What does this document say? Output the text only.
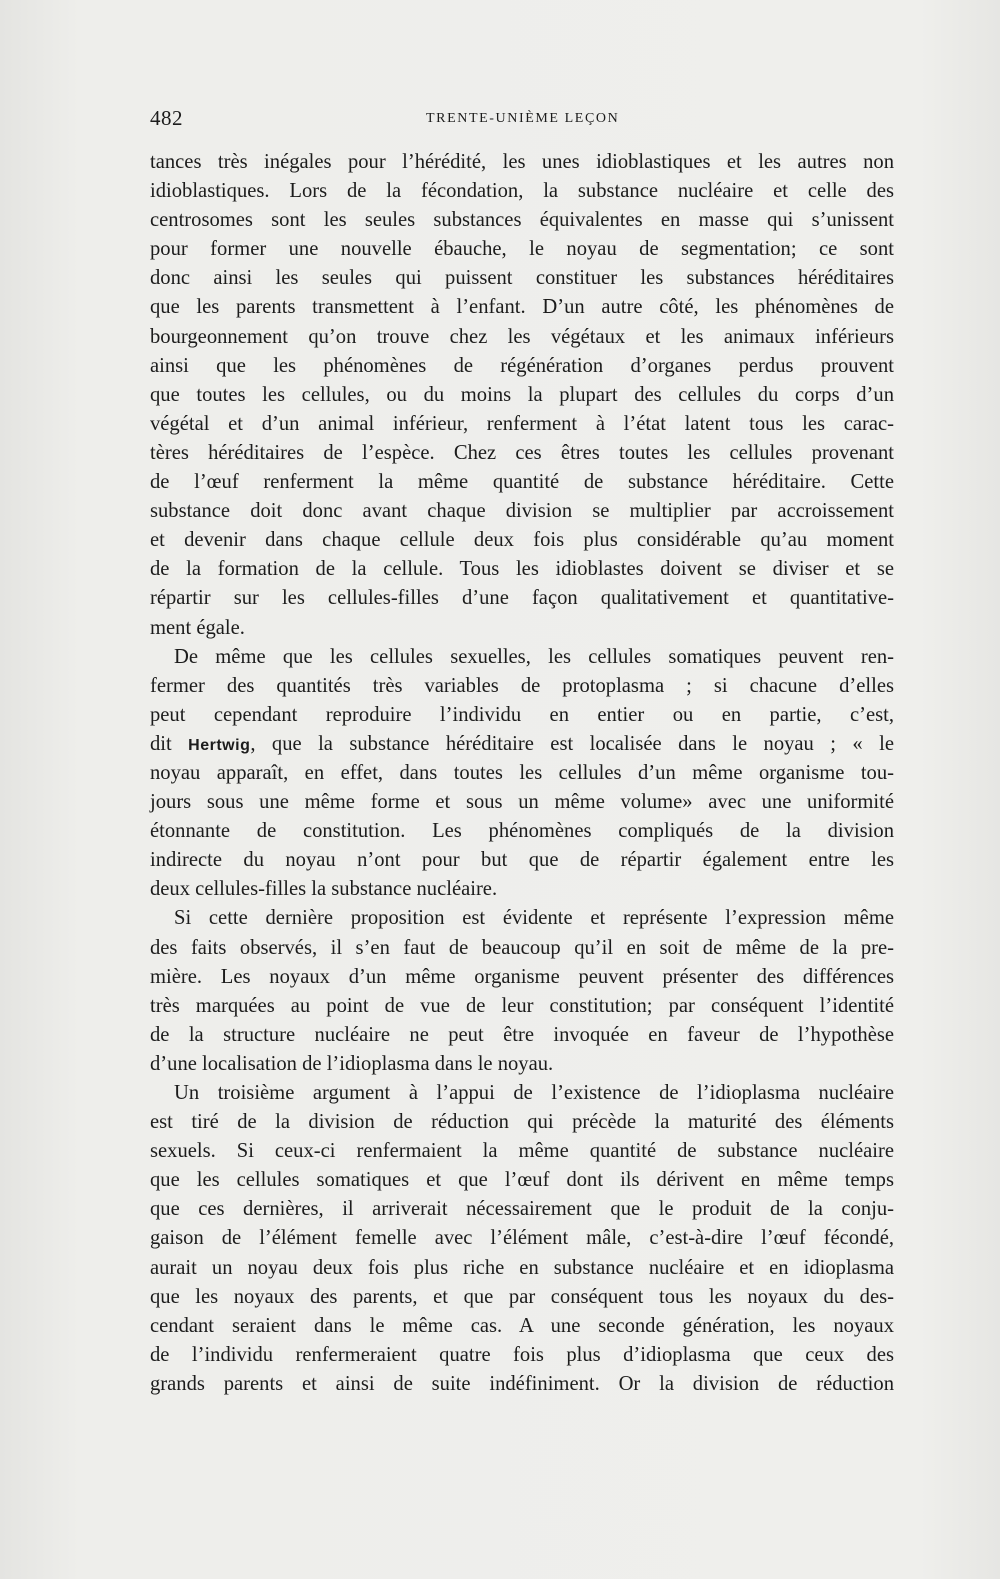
482	TRENTE-UNIÈME LEÇON
tances très inégales pour l’hérédité, les unes idioblastiques et les autres non
idioblastiques. Lors de la fécondation, la substance nucléaire et celle des
centrosomes sont les seules substances équivalentes en masse qui s’unissent
pour former une nouvelle ébauche, le noyau de segmentation; ce sont
donc ainsi les seules qui puissent constituer les substances héréditaires
que les parents transmettent à l’enfant. D’un autre côté, les phénomènes de
bourgeonnement qu’on trouve chez les végétaux et les animaux inférieurs
ainsi que les phénomènes de régénération d’organes perdus prouvent
que toutes les cellules, ou du moins la plupart des cellules du corps d’un
végétal et d’un animal inférieur, renferment à l’état latent tous les carac-
tères héréditaires de l’espèce. Chez ces êtres toutes les cellules provenant
de l’œuf renferment la même quantité de substance héréditaire. Cette
substance doit donc avant chaque division se multiplier par accroissement
et devenir dans chaque cellule deux fois plus considérable qu’au moment
de la formation de la cellule. Tous les idioblastes doivent se diviser et se
répartir sur les cellules-filles d’une façon qualitativement et quantitative-
ment égale.
De même que les cellules sexuelles, les cellules somatiques peuvent ren-
fermer des quantités très variables de protoplasma ; si chacune d’elles
peut cependant reproduire l’individu en entier ou en partie, c’est,
dit Hertwig, que la substance héréditaire est localisée dans le noyau ; « le
noyau apparaît, en effet, dans toutes les cellules d’un même organisme tou-
jours sous une même forme et sous un même volume» avec une uniformité
étonnante de constitution. Les phénomènes compliqués de la division
indirecte du noyau n’ont pour but que de répartir également entre les
deux cellules-filles la substance nucléaire.
Si cette dernière proposition est évidente et représente l’expression même
des faits observés, il s’en faut de beaucoup qu’il en soit de même de la pre-
mière. Les noyaux d’un même organisme peuvent présenter des différences
très marquées au point de vue de leur constitution; par conséquent l’identité
de la structure nucléaire ne peut être invoquée en faveur de l’hypothèse
d’une localisation de l’idioplasma dans le noyau.
Un troisième argument à l’appui de l’existence de l’idioplasma nucléaire
est tiré de la division de réduction qui précède la maturité des éléments
sexuels. Si ceux-ci renfermaient la même quantité de substance nucléaire
que les cellules somatiques et que l’œuf dont ils dérivent en même temps
que ces dernières, il arriverait nécessairement que le produit de la conju-
gaison de l’élément femelle avec l’élément mâle, c’est-à-dire l’œuf fécondé,
aurait un noyau deux fois plus riche en substance nucléaire et en idioplasma
que les noyaux des parents, et que par conséquent tous les noyaux du des-
cendant seraient dans le même cas. A une seconde génération, les noyaux
de l’individu renfermeraient quatre fois plus d’idioplasma que ceux des
grands parents et ainsi de suite indéfiniment. Or la division de réduction
